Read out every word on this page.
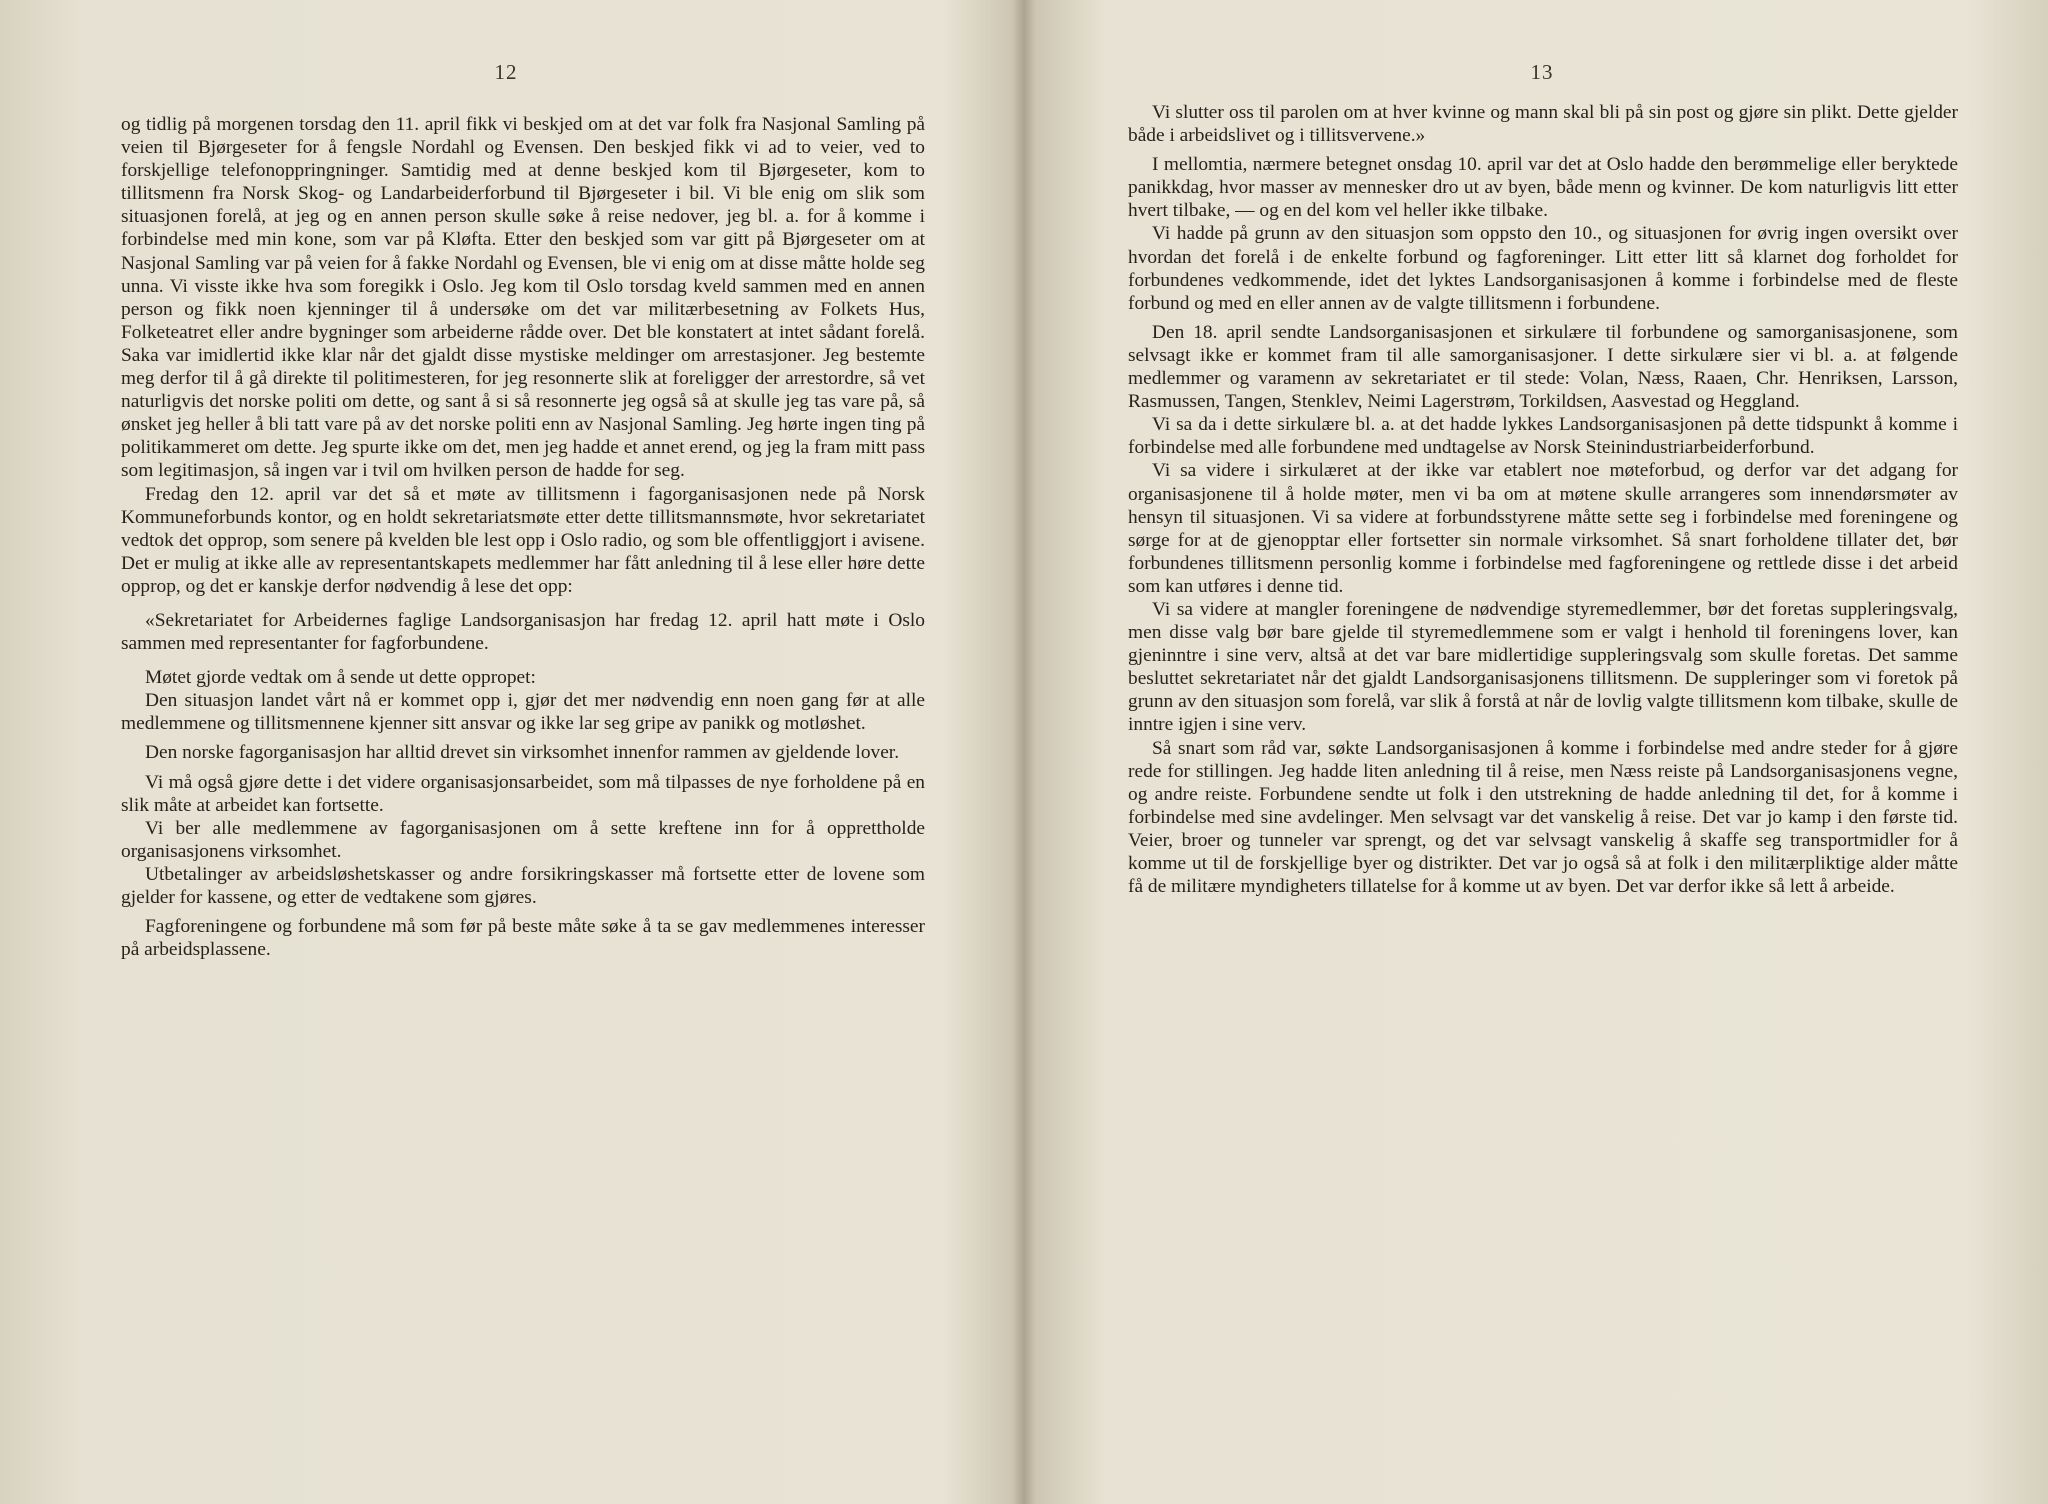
12

og tidlig på morgenen torsdag den 11. april fikk vi beskjed om at det var folk fra Nasjonal Samling på veien til Bjørgeseter for å fengsle Nordahl og Evensen. Den beskjed fikk vi ad to veier, ved to forskjellige telefonoppringninger. Samtidig med at denne beskjed kom til Bjørgeseter, kom to tillitsmenn fra Norsk Skog- og Landarbeiderforbund til Bjørgeseter i bil. Vi ble enig om slik som situasjonen forelå, at jeg og en annen person skulle søke å reise nedover, jeg bl. a. for å komme i forbindelse med min kone, som var på Kløfta. Etter den beskjed som var gitt på Bjørgeseter om at Nasjonal Samling var på veien for å fakke Nordahl og Evensen, ble vi enig om at disse måtte holde seg unna. Vi visste ikke hva som foregikk i Oslo. Jeg kom til Oslo torsdag kveld sammen med en annen person og fikk noen kjenninger til å undersøke om det var militærbesetning av Folkets Hus, Folketeatret eller andre bygninger som arbeiderne rådde over. Det ble konstatert at intet sådant forelå. Saka var imidlertid ikke klar når det gjaldt disse mystiske meldinger om arrestasjoner. Jeg bestemte meg derfor til å gå direkte til politimesteren, for jeg resonnerte slik at foreligger der arrestordre, så vet naturligvis det norske politi om dette, og sant å si så resonnerte jeg også så at skulle jeg tas vare på, så ønsket jeg heller å bli tatt vare på av det norske politi enn av Nasjonal Samling. Jeg hørte ingen ting på politikammeret om dette. Jeg spurte ikke om det, men jeg hadde et annet erend, og jeg la fram mitt pass som legitimasjon, så ingen var i tvil om hvilken person de hadde for seg.

Fredag den 12. april var det så et møte av tillitsmenn i fagorganisasjonen nede på Norsk Kommuneforbunds kontor, og en holdt sekretariatsmøte etter dette tillitsmannsmøte, hvor sekretariatet vedtok det opprop, som senere på kvelden ble lest opp i Oslo radio, og som ble offentliggjort i avisene. Det er mulig at ikke alle av representantskapets medlemmer har fått anledning til å lese eller høre dette opprop, og det er kanskje derfor nødvendig å lese det opp:

«Sekretariatet for Arbeidernes faglige Landsorganisasjon har fredag 12. april hatt møte i Oslo sammen med representanter for fagforbundene.

Møtet gjorde vedtak om å sende ut dette oppropet:

Den situasjon landet vårt nå er kommet opp i, gjør det mer nødvendig enn noen gang før at alle medlemmene og tillitsmennene kjenner sitt ansvar og ikke lar seg gripe av panikk og motløshet.

Den norske fagorganisasjon har alltid drevet sin virksomhet innenfor rammen av gjeldende lover.

Vi må også gjøre dette i det videre organisasjonsarbeidet, som må tilpasses de nye forholdene på en slik måte at arbeidet kan fortsette.

Vi ber alle medlemmene av fagorganisasjonen om å sette kreftene inn for å opprettholde organisasjonens virksomhet.

Utbetalinger av arbeidsløshetskasser og andre forsikringskasser må fortsette etter de lovene som gjelder for kassene, og etter de vedtakene som gjøres.

Fagforeningene og forbundene må som før på beste måte søke å ta se gav medlemmenes interesser på arbeidsplassene.

13

Vi slutter oss til parolen om at hver kvinne og mann skal bli på sin post og gjøre sin plikt. Dette gjelder både i arbeidslivet og i tillitsvervene.»

I mellomtia, nærmere betegnet onsdag 10. april var det at Oslo hadde den berømmelige eller beryktede panikkdag, hvor masser av mennesker dro ut av byen, både menn og kvinner. De kom naturligvis litt etter hvert tilbake, — og en del kom vel heller ikke tilbake.

Vi hadde på grunn av den situasjon som oppsto den 10., og situasjonen for øvrig ingen oversikt over hvordan det forelå i de enkelte forbund og fagforeninger. Litt etter litt så klarnet dog forholdet for forbundenes vedkommende, idet det lyktes Landsorganisasjonen å komme i forbindelse med de fleste forbund og med en eller annen av de valgte tillitsmenn i forbundene.

Den 18. april sendte Landsorganisasjonen et sirkulære til forbundene og samorganisasjonene, som selvsagt ikke er kommet fram til alle samorganisasjoner. I dette sirkulære sier vi bl. a. at følgende medlemmer og varamenn av sekretariatet er til stede: Volan, Næss, Raaen, Chr. Henriksen, Larsson, Rasmussen, Tangen, Stenklev, Neimi Lagerstrøm, Torkildsen, Aasvestad og Heggland.

Vi sa da i dette sirkulære bl. a. at det hadde lykkes Landsorganisasjonen på dette tidspunkt å komme i forbindelse med alle forbundene med undtagelse av Norsk Steinindustriarbeiderforbund.

Vi sa videre i sirkulæret at der ikke var etablert noe møteforbud, og derfor var det adgang for organisasjonene til å holde møter, men vi ba om at møtene skulle arrangeres som innendørsmøter av hensyn til situasjonen. Vi sa videre at forbundsstyrene måtte sette seg i forbindelse med foreningene og sørge for at de gjenopptar eller fortsetter sin normale virksomhet. Så snart forholdene tillater det, bør forbundenes tillitsmenn personlig komme i forbindelse med fagforeningene og rettlede disse i det arbeid som kan utføres i denne tid.

Vi sa videre at mangler foreningene de nødvendige styremedlemmer, bør det foretas suppleringsvalg, men disse valg bør bare gjelde til styremedlemmene som er valgt i henhold til foreningens lover, kan gjeninntre i sine verv, altså at det var bare midlertidige suppleringsvalg som skulle foretas. Det samme besluttet sekretariatet når det gjaldt Landsorganisasjonens tillitsmenn. De suppleringer som vi foretok på grunn av den situasjon som forelå, var slik å forstå at når de lovlig valgte tillitsmenn kom tilbake, skulle de inntre igjen i sine verv.

Så snart som råd var, søkte Landsorganisasjonen å komme i forbindelse med andre steder for å gjøre rede for stillingen. Jeg hadde liten anledning til å reise, men Næss reiste på Landsorganisasjonens vegne, og andre reiste. Forbundene sendte ut folk i den utstrekning de hadde anledning til det, for å komme i forbindelse med sine avdelinger. Men selvsagt var det vanskelig å reise. Det var jo kamp i den første tid. Veier, broer og tunneler var sprengt, og det var selvsagt vanskelig å skaffe seg transportmidler for å komme ut til de forskjellige byer og distrikter. Det var jo også så at folk i den militærpliktige alder måtte få de militære myndigheters tillatelse for å komme ut av byen. Det var derfor ikke så lett å arbeide.
